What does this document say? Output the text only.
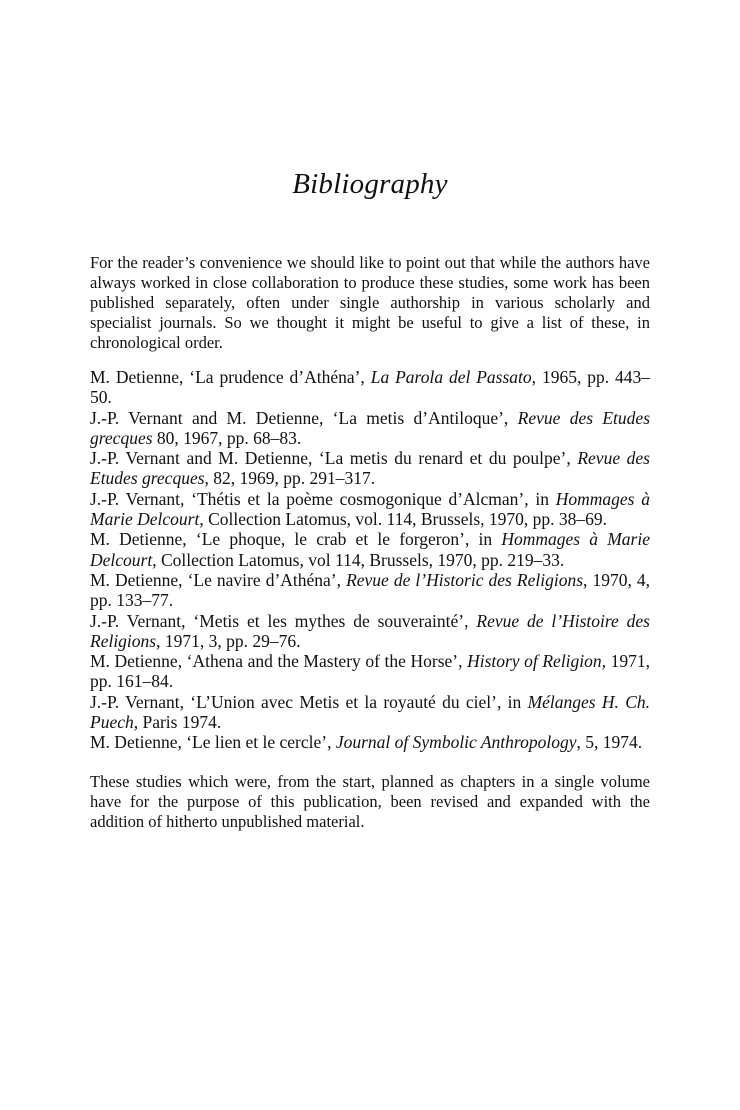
Bibliography

For the reader’s convenience we should like to point out that while the authors have always worked in close collaboration to produce these studies, some work has been published separately, often under single authorship in various scholarly and specialist journals. So we thought it might be useful to give a list of these, in chronological order.

M. Detienne, ‘La prudence d’Athéna’, La Parola del Passato, 1965, pp. 443–50.
J.-P. Vernant and M. Detienne, ‘La metis d’Antiloque’, Revue des Etudes grecques 80, 1967, pp. 68–83.
J.-P. Vernant and M. Detienne, ‘La metis du renard et du poulpe’, Revue des Etudes grecques, 82, 1969, pp. 291–317.
J.-P. Vernant, ‘Thétis et la poème cosmogonique d’Alcman’, in Hommages à Marie Delcourt, Collection Latomus, vol. 114, Brussels, 1970, pp. 38–69.
M. Detienne, ‘Le phoque, le crab et le forgeron’, in Hommages à Marie Delcourt, Collection Latomus, vol 114, Brussels, 1970, pp. 219–33.
M. Detienne, ‘Le navire d’Athéna’, Revue de l’Historic des Religions, 1970, 4, pp. 133–77.
J.-P. Vernant, ‘Metis et les mythes de souverainté’, Revue de l’Histoire des Religions, 1971, 3, pp. 29–76.
M. Detienne, ‘Athena and the Mastery of the Horse’, History of Religion, 1971, pp. 161–84.
J.-P. Vernant, ‘L’Union avec Metis et la royauté du ciel’, in Mélanges H. Ch. Puech, Paris 1974.
M. Detienne, ‘Le lien et le cercle’, Journal of Symbolic Anthropology, 5, 1974.

These studies which were, from the start, planned as chapters in a single volume have for the purpose of this publication, been revised and expanded with the addition of hitherto unpublished material.
